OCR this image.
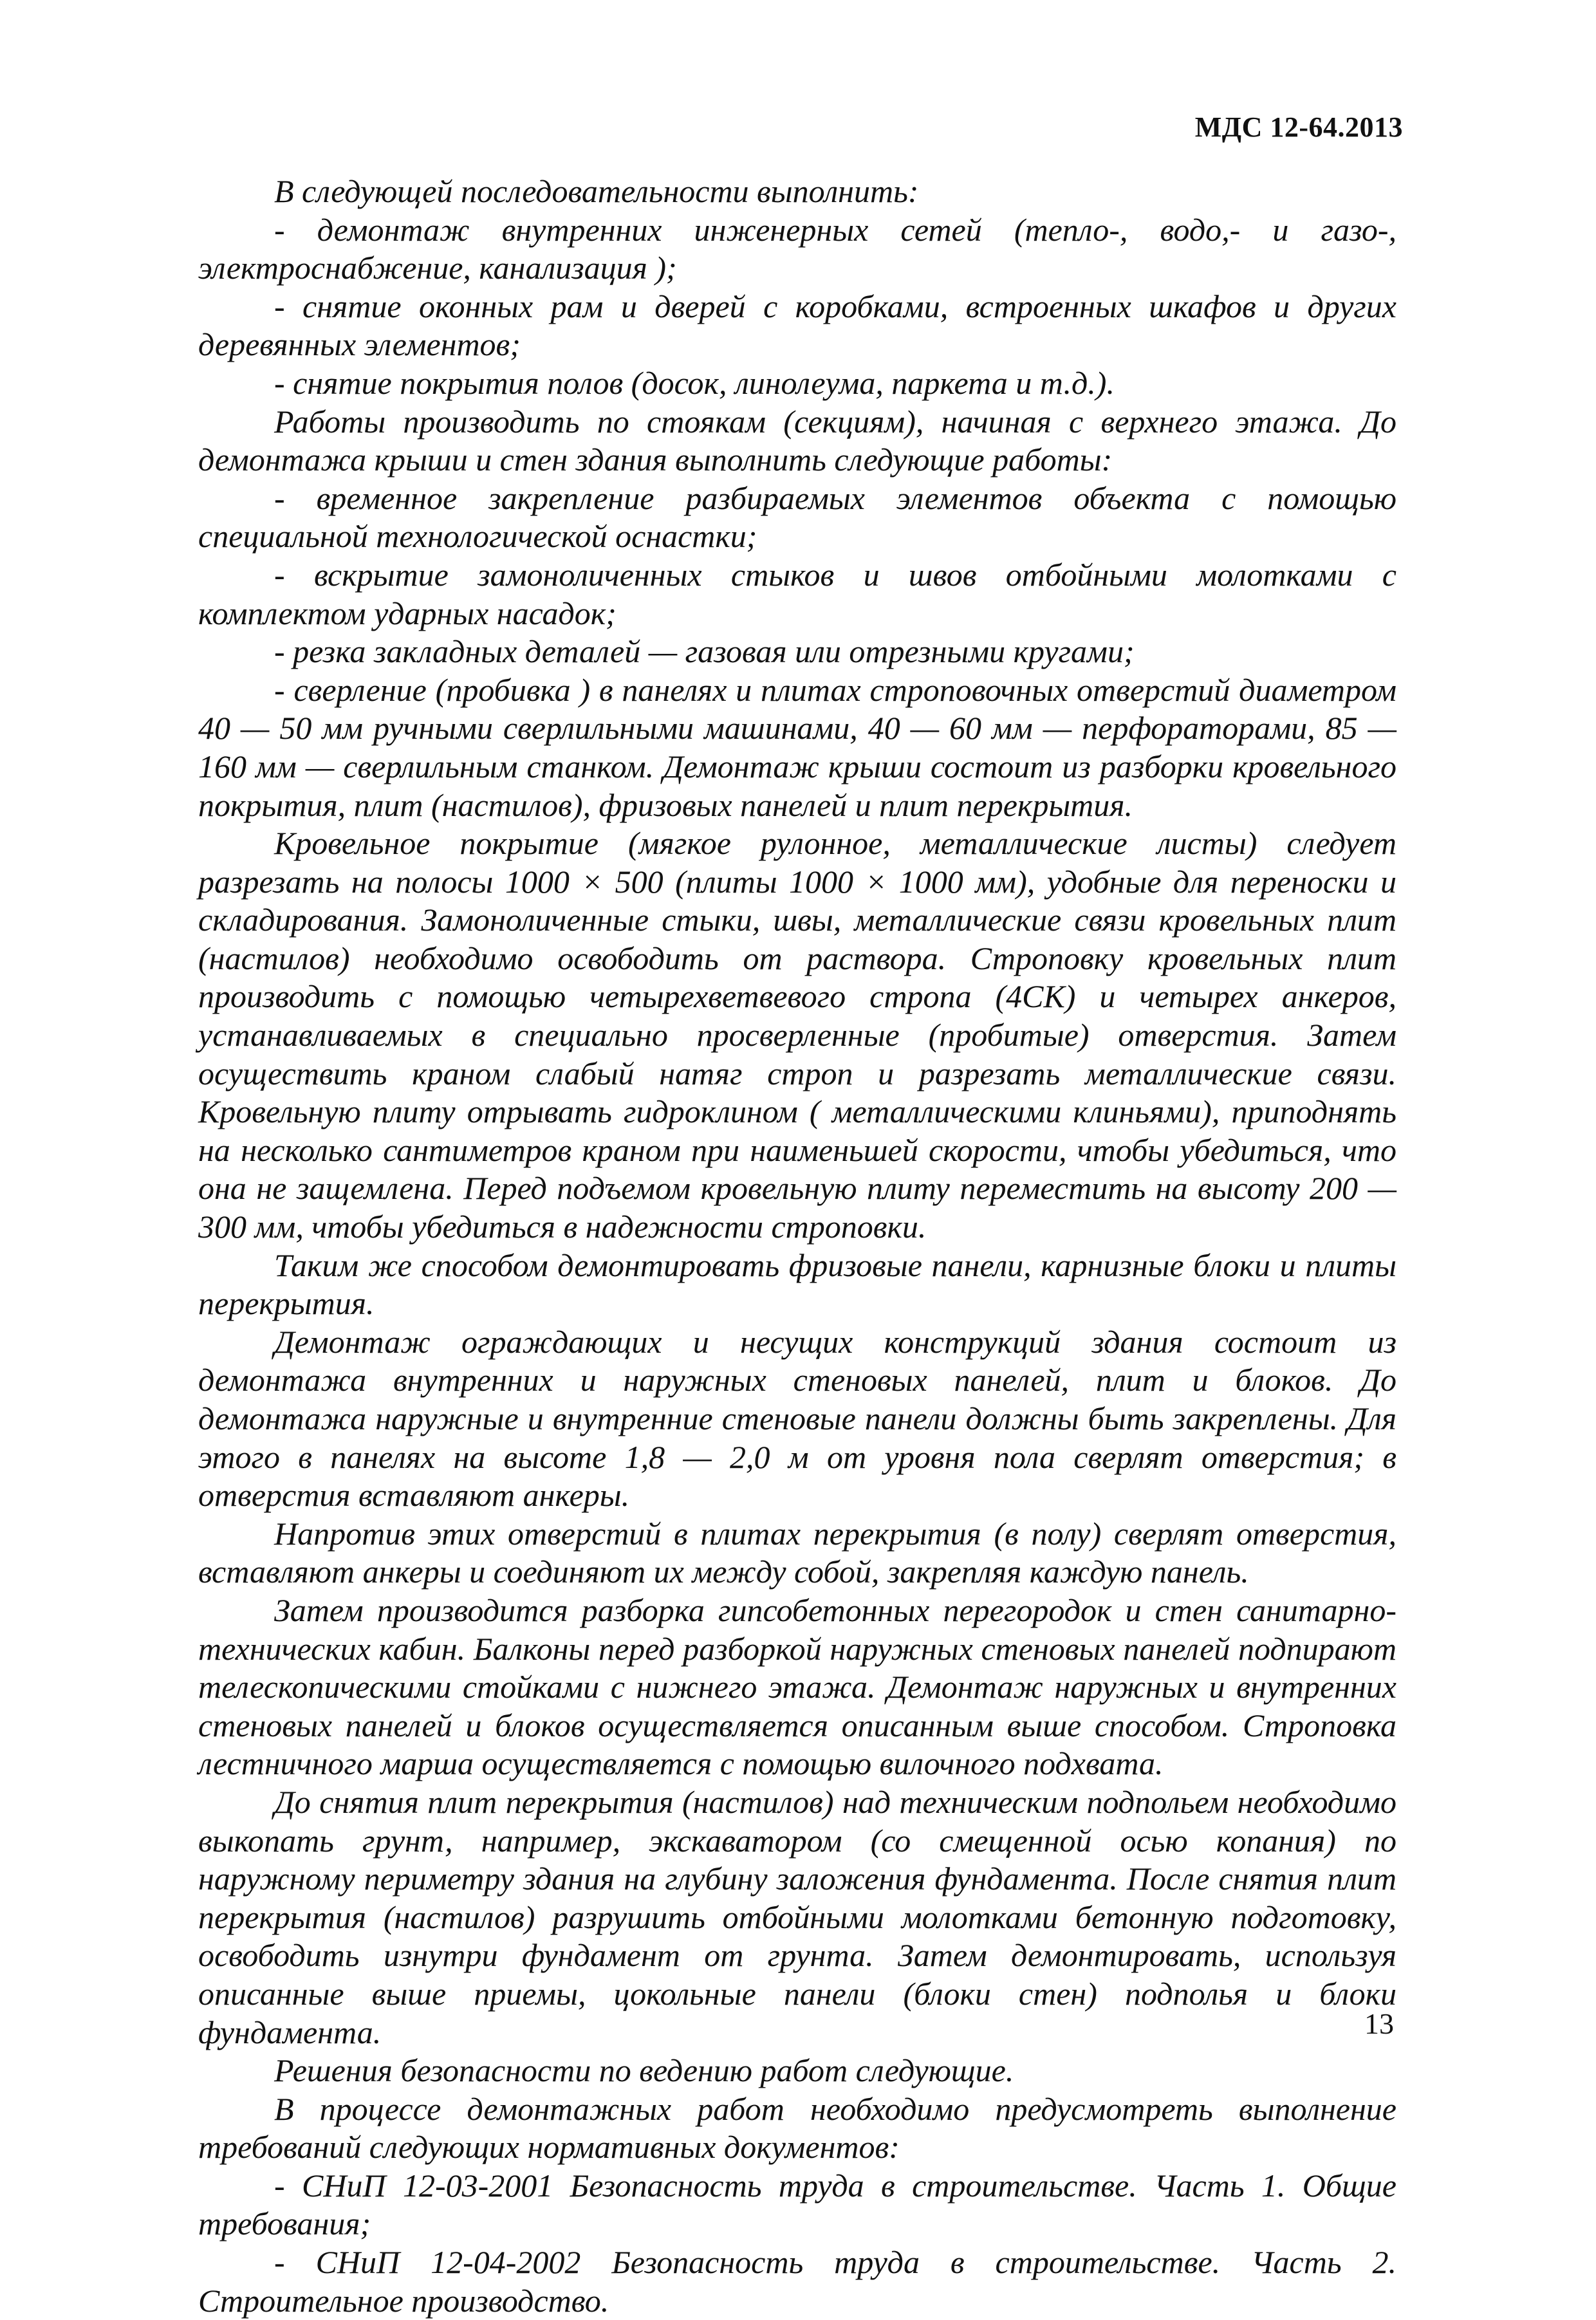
МДС 12-64.2013

В следующей последовательности выполнить:

- демонтаж внутренних инженерных сетей (тепло-, водо,- и газо-, электроснабжение, канализация );

- снятие оконных рам и дверей с коробками, встроенных шкафов и других деревянных элементов;

- снятие покрытия полов (досок, линолеума, паркета и т.д.).

Работы производить по стоякам (секциям), начиная с верхнего этажа. До демонтажа крыши и стен здания выполнить следующие работы:

- временное закрепление разбираемых элементов объекта с помощью специальной технологической оснастки;

- вскрытие замоноличенных стыков и швов отбойными молотками с комплектом ударных насадок;

- резка закладных деталей — газовая или отрезными кругами;

- сверление (пробивка ) в панелях и плитах строповочных отверстий диаметром 40 — 50 мм ручными сверлильными машинами, 40 — 60 мм — перфораторами, 85 — 160 мм — сверлильным станком. Демонтаж крыши состоит из разборки кровельного покрытия, плит (настилов), фризовых панелей и плит перекрытия.

Кровельное покрытие (мягкое рулонное, металлические листы) следует разрезать на полосы 1000 × 500 (плиты 1000 × 1000 мм), удобные для переноски и складирования. Замоноличенные стыки, швы, металлические связи кровельных плит (настилов) необходимо освободить от раствора. Строповку кровельных плит производить с помощью четырехветвевого стропа (4СК) и четырех анкеров, устанавливаемых в специально просверленные (пробитые) отверстия. Затем осуществить краном слабый натяг строп и разрезать металлические связи. Кровельную плиту отрывать гидроклином ( металлическими клиньями), приподнять на несколько сантиметров краном при наименьшей скорости, чтобы убедиться, что она не защемлена. Перед подъемом кровельную плиту переместить на высоту 200 — 300 мм, чтобы убедиться в надежности строповки.

Таким же способом демонтировать фризовые панели, карнизные блоки и плиты перекрытия.

Демонтаж ограждающих и несущих конструкций здания состоит из демонтажа внутренних и наружных стеновых панелей, плит и блоков. До демонтажа наружные и внутренние стеновые панели должны быть закреплены. Для этого в панелях на высоте 1,8 — 2,0 м от уровня пола сверлят отверстия; в отверстия вставляют анкеры.

Напротив этих отверстий в плитах перекрытия (в полу) сверлят отверстия, вставляют анкеры и соединяют их между собой, закрепляя каждую панель.

Затем производится разборка гипсобетонных перегородок и стен санитарно-технических кабин. Балконы перед разборкой наружных стеновых панелей подпирают телескопическими стойками с нижнего этажа. Демонтаж наружных и внутренних стеновых панелей и блоков осуществляется описанным выше способом. Строповка лестничного марша осуществляется с помощью вилочного подхвата.

До снятия плит перекрытия (настилов) над техническим подпольем необходимо выкопать грунт, например, экскаватором (со смещенной осью копания) по наружному периметру здания на глубину заложения фундамента. После снятия плит перекрытия (настилов) разрушить отбойными молотками бетонную подготовку, освободить изнутри фундамент от грунта. Затем демонтировать, используя описанные выше приемы, цокольные панели (блоки стен) подполья и блоки фундамента.

Решения безопасности по ведению работ следующие.

В процессе демонтажных работ необходимо предусмотреть выполнение требований следующих нормативных документов:

- СНиП 12-03-2001 Безопасность труда в строительстве. Часть 1. Общие требования;

- СНиП 12-04-2002 Безопасность труда в строительстве. Часть 2. Строительное производство.

13
